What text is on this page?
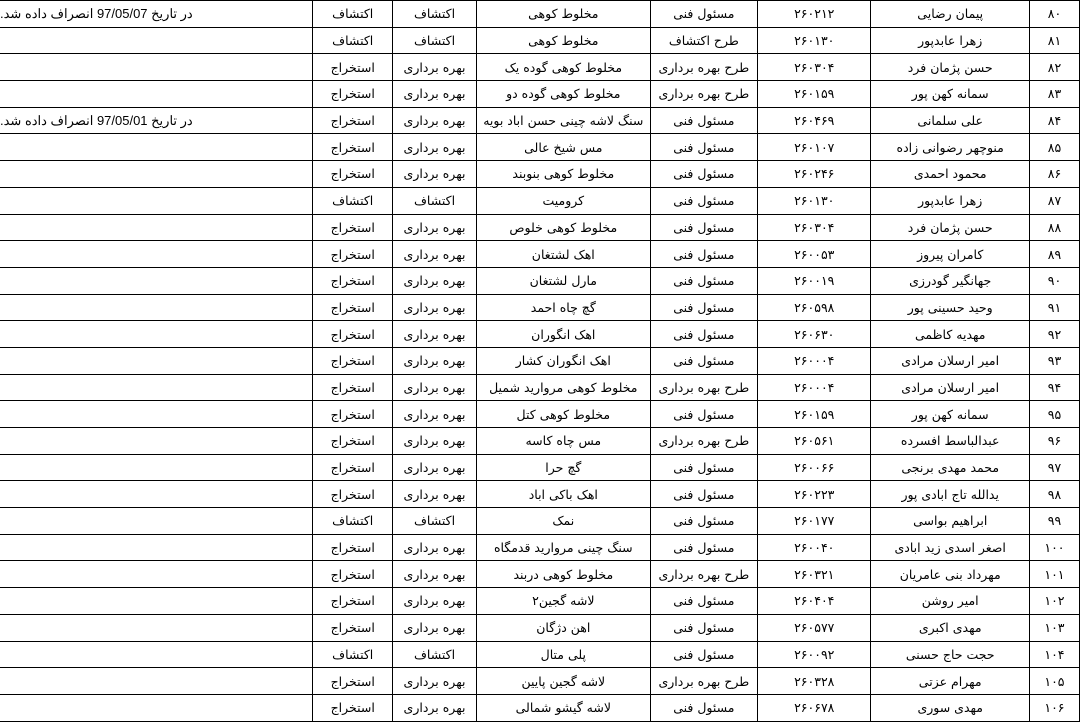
۸۰	پیمان رضایی	۲۶۰۲۱۲	مسئول فنی	مخلوط کوهی	اکتشاف	اکتشاف	در تاریخ 97/05/07 انصراف داده شد.
۸۱	زهرا عابدپور	۲۶۰۱۳۰	طرح اکتشاف	مخلوط کوهی	اکتشاف	اکتشاف	
۸۲	حسن پژمان فرد	۲۶۰۳۰۴	طرح بهره برداری	مخلوط کوهی گوده یک	بهره برداری	استخراج	
۸۳	سمانه کهن پور	۲۶۰۱۵۹	طرح بهره برداری	مخلوط کوهی گوده دو	بهره برداری	استخراج	
۸۴	علی سلمانی	۲۶۰۴۶۹	مسئول فنی	سنگ لاشه چینی حسن اباد بویه	بهره برداری	استخراج	در تاریخ 97/05/01 انصراف داده شد.
۸۵	منوچهر رضوانی زاده	۲۶۰۱۰۷	مسئول فنی	مس شیخ عالی	بهره برداری	استخراج	
۸۶	محمود احمدی	۲۶۰۲۴۶	مسئول فنی	مخلوط کوهی بنوبند	بهره برداری	استخراج	
۸۷	زهرا عابدپور	۲۶۰۱۳۰	مسئول فنی	کرومیت	اکتشاف	اکتشاف	
۸۸	حسن پژمان فرد	۲۶۰۳۰۴	مسئول فنی	مخلوط کوهی خلوص	بهره برداری	استخراج	
۸۹	کامران پیروز	۲۶۰۰۵۳	مسئول فنی	اهک لشتغان	بهره برداری	استخراج	
۹۰	جهانگیر گودرزی	۲۶۰۰۱۹	مسئول فنی	مارل لشتغان	بهره برداری	استخراج	
۹۱	وحید حسینی پور	۲۶۰۵۹۸	مسئول فنی	گچ چاه احمد	بهره برداری	استخراج	
۹۲	مهدیه کاظمی	۲۶۰۶۳۰	مسئول فنی	اهک انگوران	بهره برداری	استخراج	
۹۳	امیر ارسلان مرادی	۲۶۰۰۰۴	مسئول فنی	اهک انگوران کشار	بهره برداری	استخراج	
۹۴	امیر ارسلان مرادی	۲۶۰۰۰۴	طرح بهره برداری	مخلوط کوهی مروارید شمیل	بهره برداری	استخراج	
۹۵	سمانه کهن پور	۲۶۰۱۵۹	مسئول فنی	مخلوط کوهی کتل	بهره برداری	استخراج	
۹۶	عبدالباسط افسرده	۲۶۰۵۶۱	طرح بهره برداری	مس چاه کاسه	بهره برداری	استخراج	
۹۷	محمد مهدی برنجی	۲۶۰۰۶۶	مسئول فنی	گچ حرا	بهره برداری	استخراج	
۹۸	یدالله تاج ابادی پور	۲۶۰۲۲۳	مسئول فنی	اهک باکی اباد	بهره برداری	استخراج	
۹۹	ابراهیم بواسی	۲۶۰۱۷۷	مسئول فنی	نمک	اکتشاف	اکتشاف	
۱۰۰	اصغر اسدی زید ابادی	۲۶۰۰۴۰	مسئول فنی	سنگ چینی مروارید قدمگاه	بهره برداری	استخراج	
۱۰۱	مهرداد بنی عامریان	۲۶۰۳۲۱	طرح بهره برداری	مخلوط کوهی دربند	بهره برداری	استخراج	
۱۰۲	امیر روشن	۲۶۰۴۰۴	مسئول فنی	لاشه گجین۲	بهره برداری	استخراج	
۱۰۳	مهدی اکبری	۲۶۰۵۷۷	مسئول فنی	اهن دژگان	بهره برداری	استخراج	
۱۰۴	حجت حاج حسنی	۲۶۰۰۹۲	مسئول فنی	پلی متال	اکتشاف	اکتشاف	
۱۰۵	مهرام عزتی	۲۶۰۳۲۸	طرح بهره برداری	لاشه گجین پایین	بهره برداری	استخراج	
۱۰۶	مهدی سوری	۲۶۰۶۷۸	مسئول فنی	لاشه گیشو شمالی	بهره برداری	استخراج	
